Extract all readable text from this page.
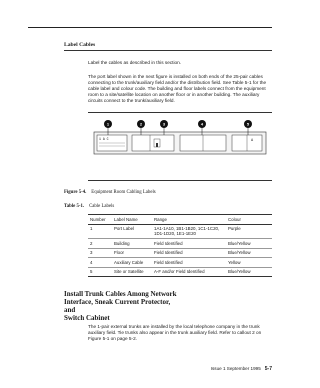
Label Cables
Label the cables as described in this section.
The port label shown in the next figure is installed on both ends of the 25-pair cables connecting to the trunk/auxiliary field and/or the distribution field. See Table 5-1 for the cable label and colour code. The building and floor labels connect from the equipment room to a site/satellite location on another floor or in another building. The auxiliary circuits connect to the trunk/auxiliary field.
1 A C	A
1	2	3	4	5
Figure 5-4. Equipment Room Cabling Labels
Table 5-1. Cable Labels
Number	Label Name	Range	Colour
1	Port Label	1A1-1A10, 1B1-1B20, 1C1-1C20, 1D1-1D20, 1E1-1E20	Purple
2	Building	Field Identified	Blue/Yellow
3	Floor	Field Identified	Blue/Yellow
4	Auxiliary Cable	Field Identified	Yellow
5	Site or Satellite	A-F and/or Field Identified	Blue/Yellow
Install Trunk Cables Among Network
Interface, Sneak Current Protector,
and
Switch Cabinet
The 1-pair external trunks are installed by the local telephone company in the trunk auxiliary field. Tie trunks also appear in the trunk auxiliary field. Refer to callout 2 on Figure 5-1 on page 5-2.
Issue 1 September 1995 5-7
